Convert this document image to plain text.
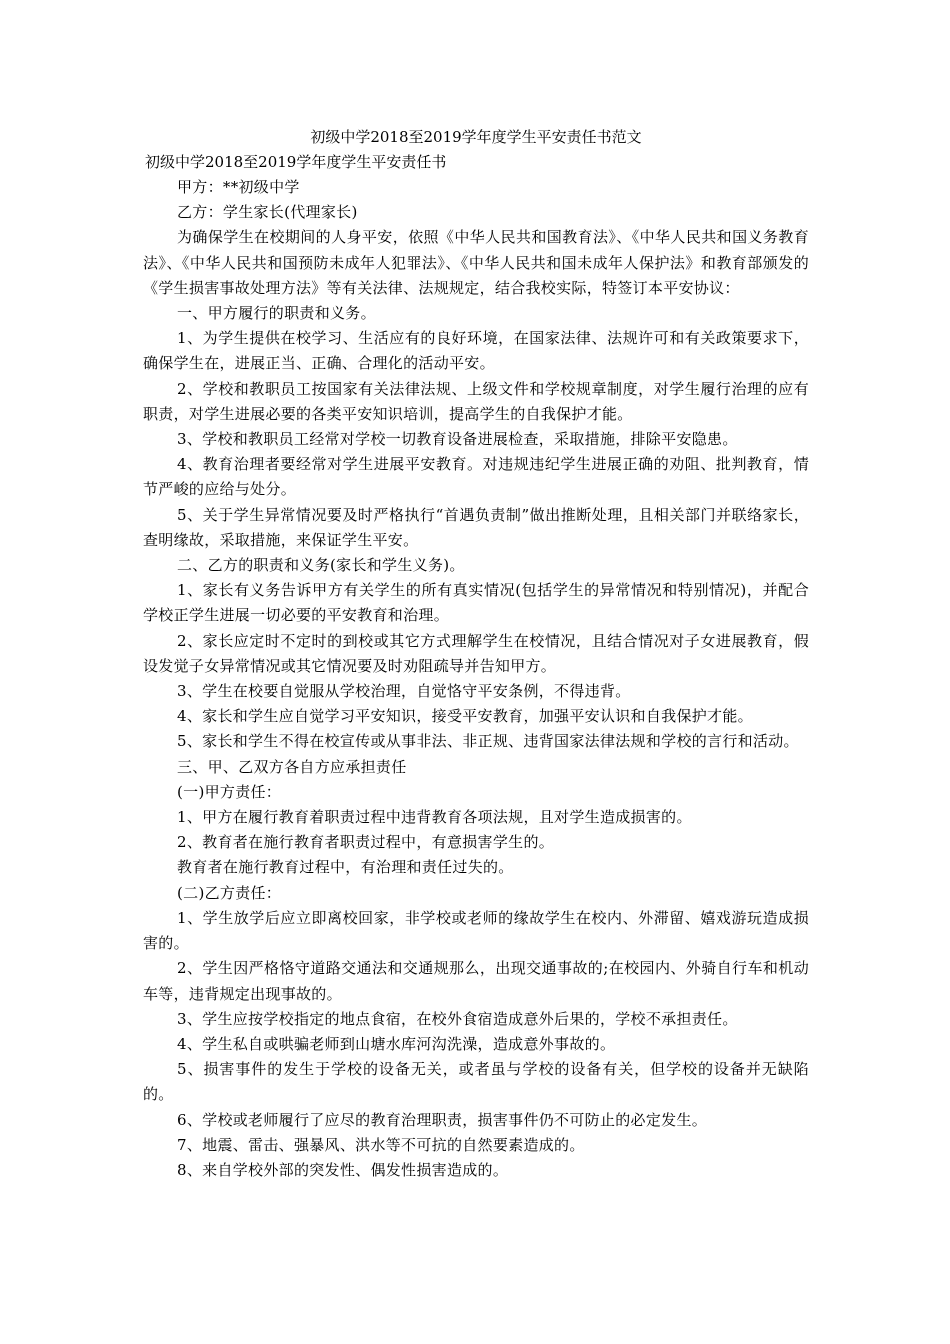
初级中学2018至2019学年度学生平安责任书范文

初级中学2018至2019学年度学生平安责任书

甲方：**初级中学

乙方：学生家长(代理家长)

为确保学生在校期间的人身平安，依照《中华人民共和国教育法》、《中华人民共和国义务教育法》、《中华人民共和国预防未成年人犯罪法》、《中华人民共和国未成年人保护法》和教育部颁发的《学生损害事故处理方法》等有关法律、法规规定，结合我校实际，特签订本平安协议：

一、甲方履行的职责和义务。

1、为学生提供在校学习、生活应有的良好环境，在国家法律、法规许可和有关政策要求下，确保学生在，进展正当、正确、合理化的活动平安。

2、学校和教职员工按国家有关法律法规、上级文件和学校规章制度，对学生履行治理的应有职责，对学生进展必要的各类平安知识培训，提高学生的自我保护才能。

3、学校和教职员工经常对学校一切教育设备进展检查，采取措施，排除平安隐患。

4、教育治理者要经常对学生进展平安教育。对违规违纪学生进展正确的劝阻、批判教育，情节严峻的应给与处分。

5、关于学生异常情况要及时严格执行“首遇负责制”做出推断处理，且相关部门并联络家长，查明缘故，采取措施，来保证学生平安。

二、乙方的职责和义务(家长和学生义务)。

1、家长有义务告诉甲方有关学生的所有真实情况(包括学生的异常情况和特别情况)，并配合学校正学生进展一切必要的平安教育和治理。

2、家长应定时不定时的到校或其它方式理解学生在校情况，且结合情况对子女进展教育，假设发觉子女异常情况或其它情况要及时劝阻疏导并告知甲方。

3、学生在校要自觉服从学校治理，自觉恪守平安条例，不得违背。

4、家长和学生应自觉学习平安知识，接受平安教育，加强平安认识和自我保护才能。

5、家长和学生不得在校宣传或从事非法、非正规、违背国家法律法规和学校的言行和活动。

三、甲、乙双方各自方应承担责任

(一)甲方责任：

1、甲方在履行教育着职责过程中违背教育各项法规，且对学生造成损害的。

2、教育者在施行教育者职责过程中，有意损害学生的。

教育者在施行教育过程中，有治理和责任过失的。

(二)乙方责任：

1、学生放学后应立即离校回家，非学校或老师的缘故学生在校内、外滞留、嬉戏游玩造成损害的。

2、学生因严格恪守道路交通法和交通规那么，出现交通事故的;在校园内、外骑自行车和机动车等，违背规定出现事故的。

3、学生应按学校指定的地点食宿，在校外食宿造成意外后果的，学校不承担责任。

4、学生私自或哄骗老师到山塘水库河沟洗澡，造成意外事故的。

5、损害事件的发生于学校的设备无关，或者虽与学校的设备有关，但学校的设备并无缺陷的。

6、学校或老师履行了应尽的教育治理职责，损害事件仍不可防止的必定发生。

7、地震、雷击、强暴风、洪水等不可抗的自然要素造成的。

8、来自学校外部的突发性、偶发性损害造成的。
